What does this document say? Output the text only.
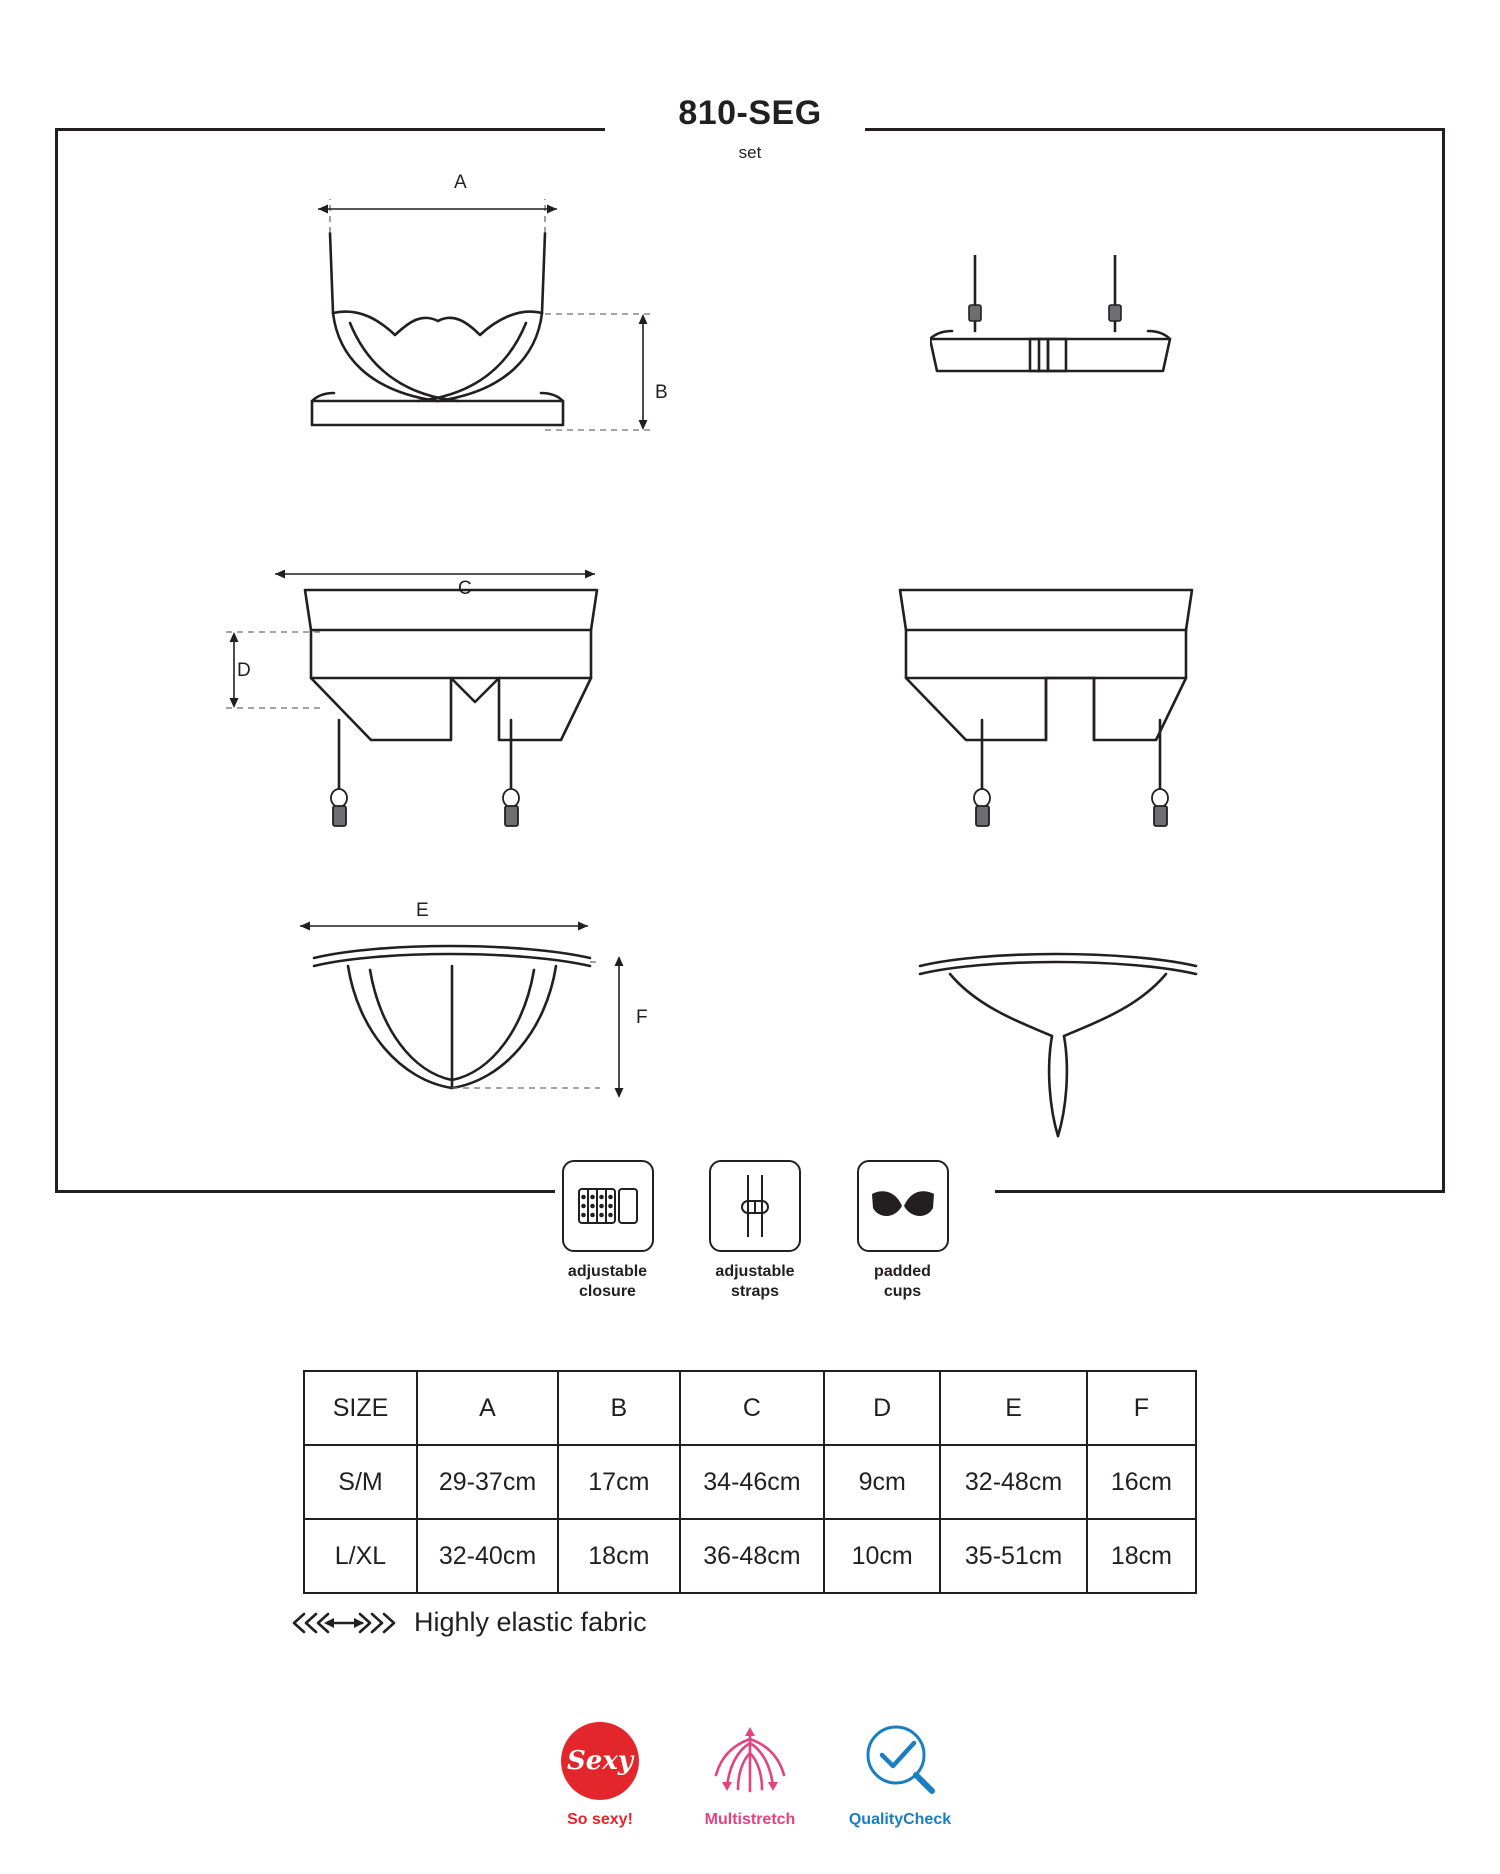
810-SEG
set
A
B
C
D
E
F
adjustable
closure
adjustable
straps
padded
cups
SIZE	A	B	C	D	E	F
S/M	29-37cm	17cm	34-46cm	9cm	32-48cm	16cm
L/XL	32-40cm	18cm	36-48cm	10cm	35-51cm	18cm
Highly elastic fabric
Sexy
So sexy!	Multistretch	QualityCheck
